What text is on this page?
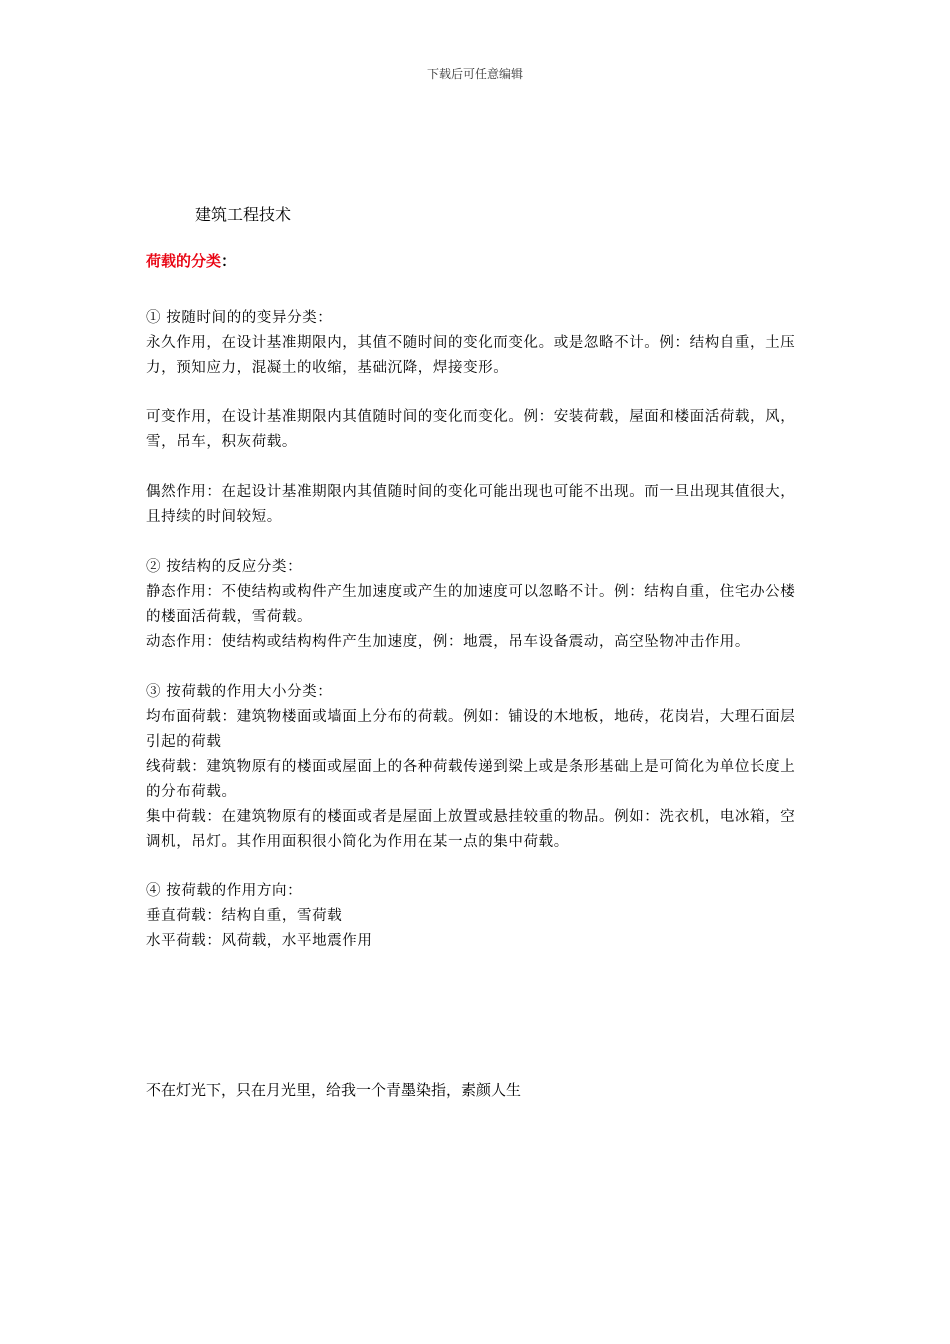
下载后可任意编辑
建筑工程技术
荷载的分类：

① 按随时间的的变异分类：

永久作用，在设计基准期限内，其值不随时间的变化而变化。或是忽略不计。例：结构自重，土压力，预知应力，混凝土的收缩，基础沉降，焊接变形。

可变作用，在设计基准期限内其值随时间的变化而变化。例：安装荷载，屋面和楼面活荷载，风，雪，吊车，积灰荷载。

偶然作用：在起设计基准期限内其值随时间的变化可能出现也可能不出现。而一旦出现其值很大，且持续的时间较短。

② 按结构的反应分类：

静态作用：不使结构或构件产生加速度或产生的加速度可以忽略不计。例：结构自重，住宅办公楼的楼面活荷载，雪荷载。

动态作用：使结构或结构构件产生加速度，例：地震，吊车设备震动，高空坠物冲击作用。

③ 按荷载的作用大小分类：

均布面荷载：建筑物楼面或墙面上分布的荷载。例如：铺设的木地板，地砖，花岗岩，大理石面层引起的荷载

线荷载：建筑物原有的楼面或屋面上的各种荷载传递到梁上或是条形基础上是可简化为单位长度上的分布荷载。

集中荷载：在建筑物原有的楼面或者是屋面上放置或悬挂较重的物品。例如：洗衣机，电冰箱，空调机，吊灯。其作用面积很小简化为作用在某一点的集中荷载。

④ 按荷载的作用方向：

垂直荷载：结构自重，雪荷载

水平荷载：风荷载，水平地震作用

不在灯光下，只在月光里，给我一个青墨染指，素颜人生
